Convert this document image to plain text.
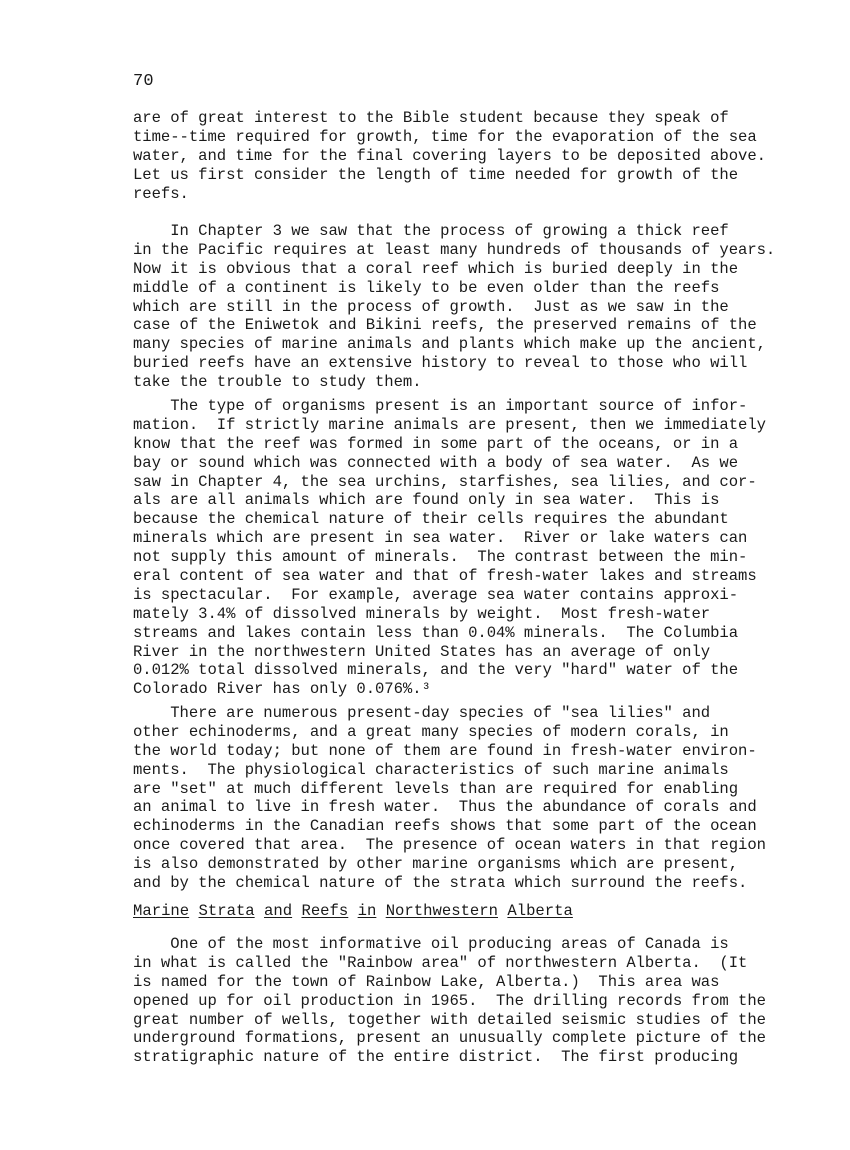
70
are of great interest to the Bible student because they speak of
time--time required for growth, time for the evaporation of the sea
water, and time for the final covering layers to be deposited above.
Let us first consider the length of time needed for growth of the
reefs.
In Chapter 3 we saw that the process of growing a thick reef
in the Pacific requires at least many hundreds of thousands of years.
Now it is obvious that a coral reef which is buried deeply in the
middle of a continent is likely to be even older than the reefs
which are still in the process of growth.  Just as we saw in the
case of the Eniwetok and Bikini reefs, the preserved remains of the
many species of marine animals and plants which make up the ancient,
buried reefs have an extensive history to reveal to those who will
take the trouble to study them.
The type of organisms present is an important source of infor-
mation.  If strictly marine animals are present, then we immediately
know that the reef was formed in some part of the oceans, or in a
bay or sound which was connected with a body of sea water.  As we
saw in Chapter 4, the sea urchins, starfishes, sea lilies, and cor-
als are all animals which are found only in sea water.  This is
because the chemical nature of their cells requires the abundant
minerals which are present in sea water.  River or lake waters can
not supply this amount of minerals.  The contrast between the min-
eral content of sea water and that of fresh-water lakes and streams
is spectacular.  For example, average sea water contains approxi-
mately 3.4% of dissolved minerals by weight.  Most fresh-water
streams and lakes contain less than 0.04% minerals.  The Columbia
River in the northwestern United States has an average of only
0.012% total dissolved minerals, and the very "hard" water of the
Colorado River has only 0.076%.³
There are numerous present-day species of "sea lilies" and
other echinoderms, and a great many species of modern corals, in
the world today; but none of them are found in fresh-water environ-
ments.  The physiological characteristics of such marine animals
are "set" at much different levels than are required for enabling
an animal to live in fresh water.  Thus the abundance of corals and
echinoderms in the Canadian reefs shows that some part of the ocean
once covered that area.  The presence of ocean waters in that region
is also demonstrated by other marine organisms which are present,
and by the chemical nature of the strata which surround the reefs.
Marine Strata and Reefs in Northwestern Alberta
One of the most informative oil producing areas of Canada is
in what is called the "Rainbow area" of northwestern Alberta.  (It
is named for the town of Rainbow Lake, Alberta.)  This area was
opened up for oil production in 1965.  The drilling records from the
great number of wells, together with detailed seismic studies of the
underground formations, present an unusually complete picture of the
stratigraphic nature of the entire district.  The first producing
